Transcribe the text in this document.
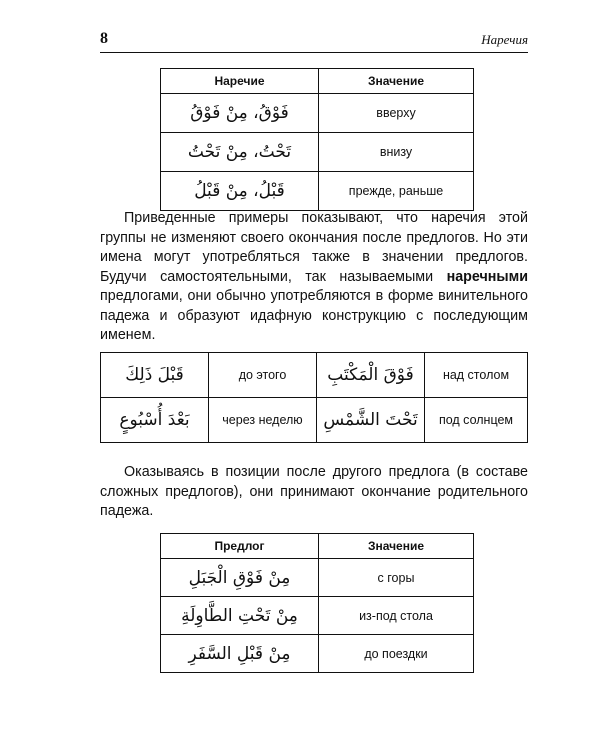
8	Наречия
Наречие	Значение
فَوْقُ، مِنْ فَوْقُ	вверху
تَحْتُ، مِنْ تَحْتُ	внизу
قَبْلُ، مِنْ قَبْلُ	прежде, раньше

Приведенные примеры показывают, что наречия этой группы не изменяют своего окончания после предлогов. Но эти имена могут употребляться также в значении предлогов. Будучи самостоятельными, так называемыми наречными предлогами, они обычно употребляются в форме винительного падежа и образуют идафную конструкцию с последующим именем.

قَبْلَ ذَلِكَ	до этого	فَوْقَ الْمَكْتَبِ	над столом
بَعْدَ أُسْبُوعٍ	через неделю	تَحْتَ الشَّمْسِ	под солнцем

Оказываясь в позиции после другого предлога (в составе сложных предлогов), они принимают окончание родительного падежа.

Предлог	Значение
مِنْ فَوْقِ الْجَبَلِ	с горы
مِنْ تَحْتِ الطَّاوِلَةِ	из-под стола
مِنْ قَبْلِ السَّفَرِ	до поездки
